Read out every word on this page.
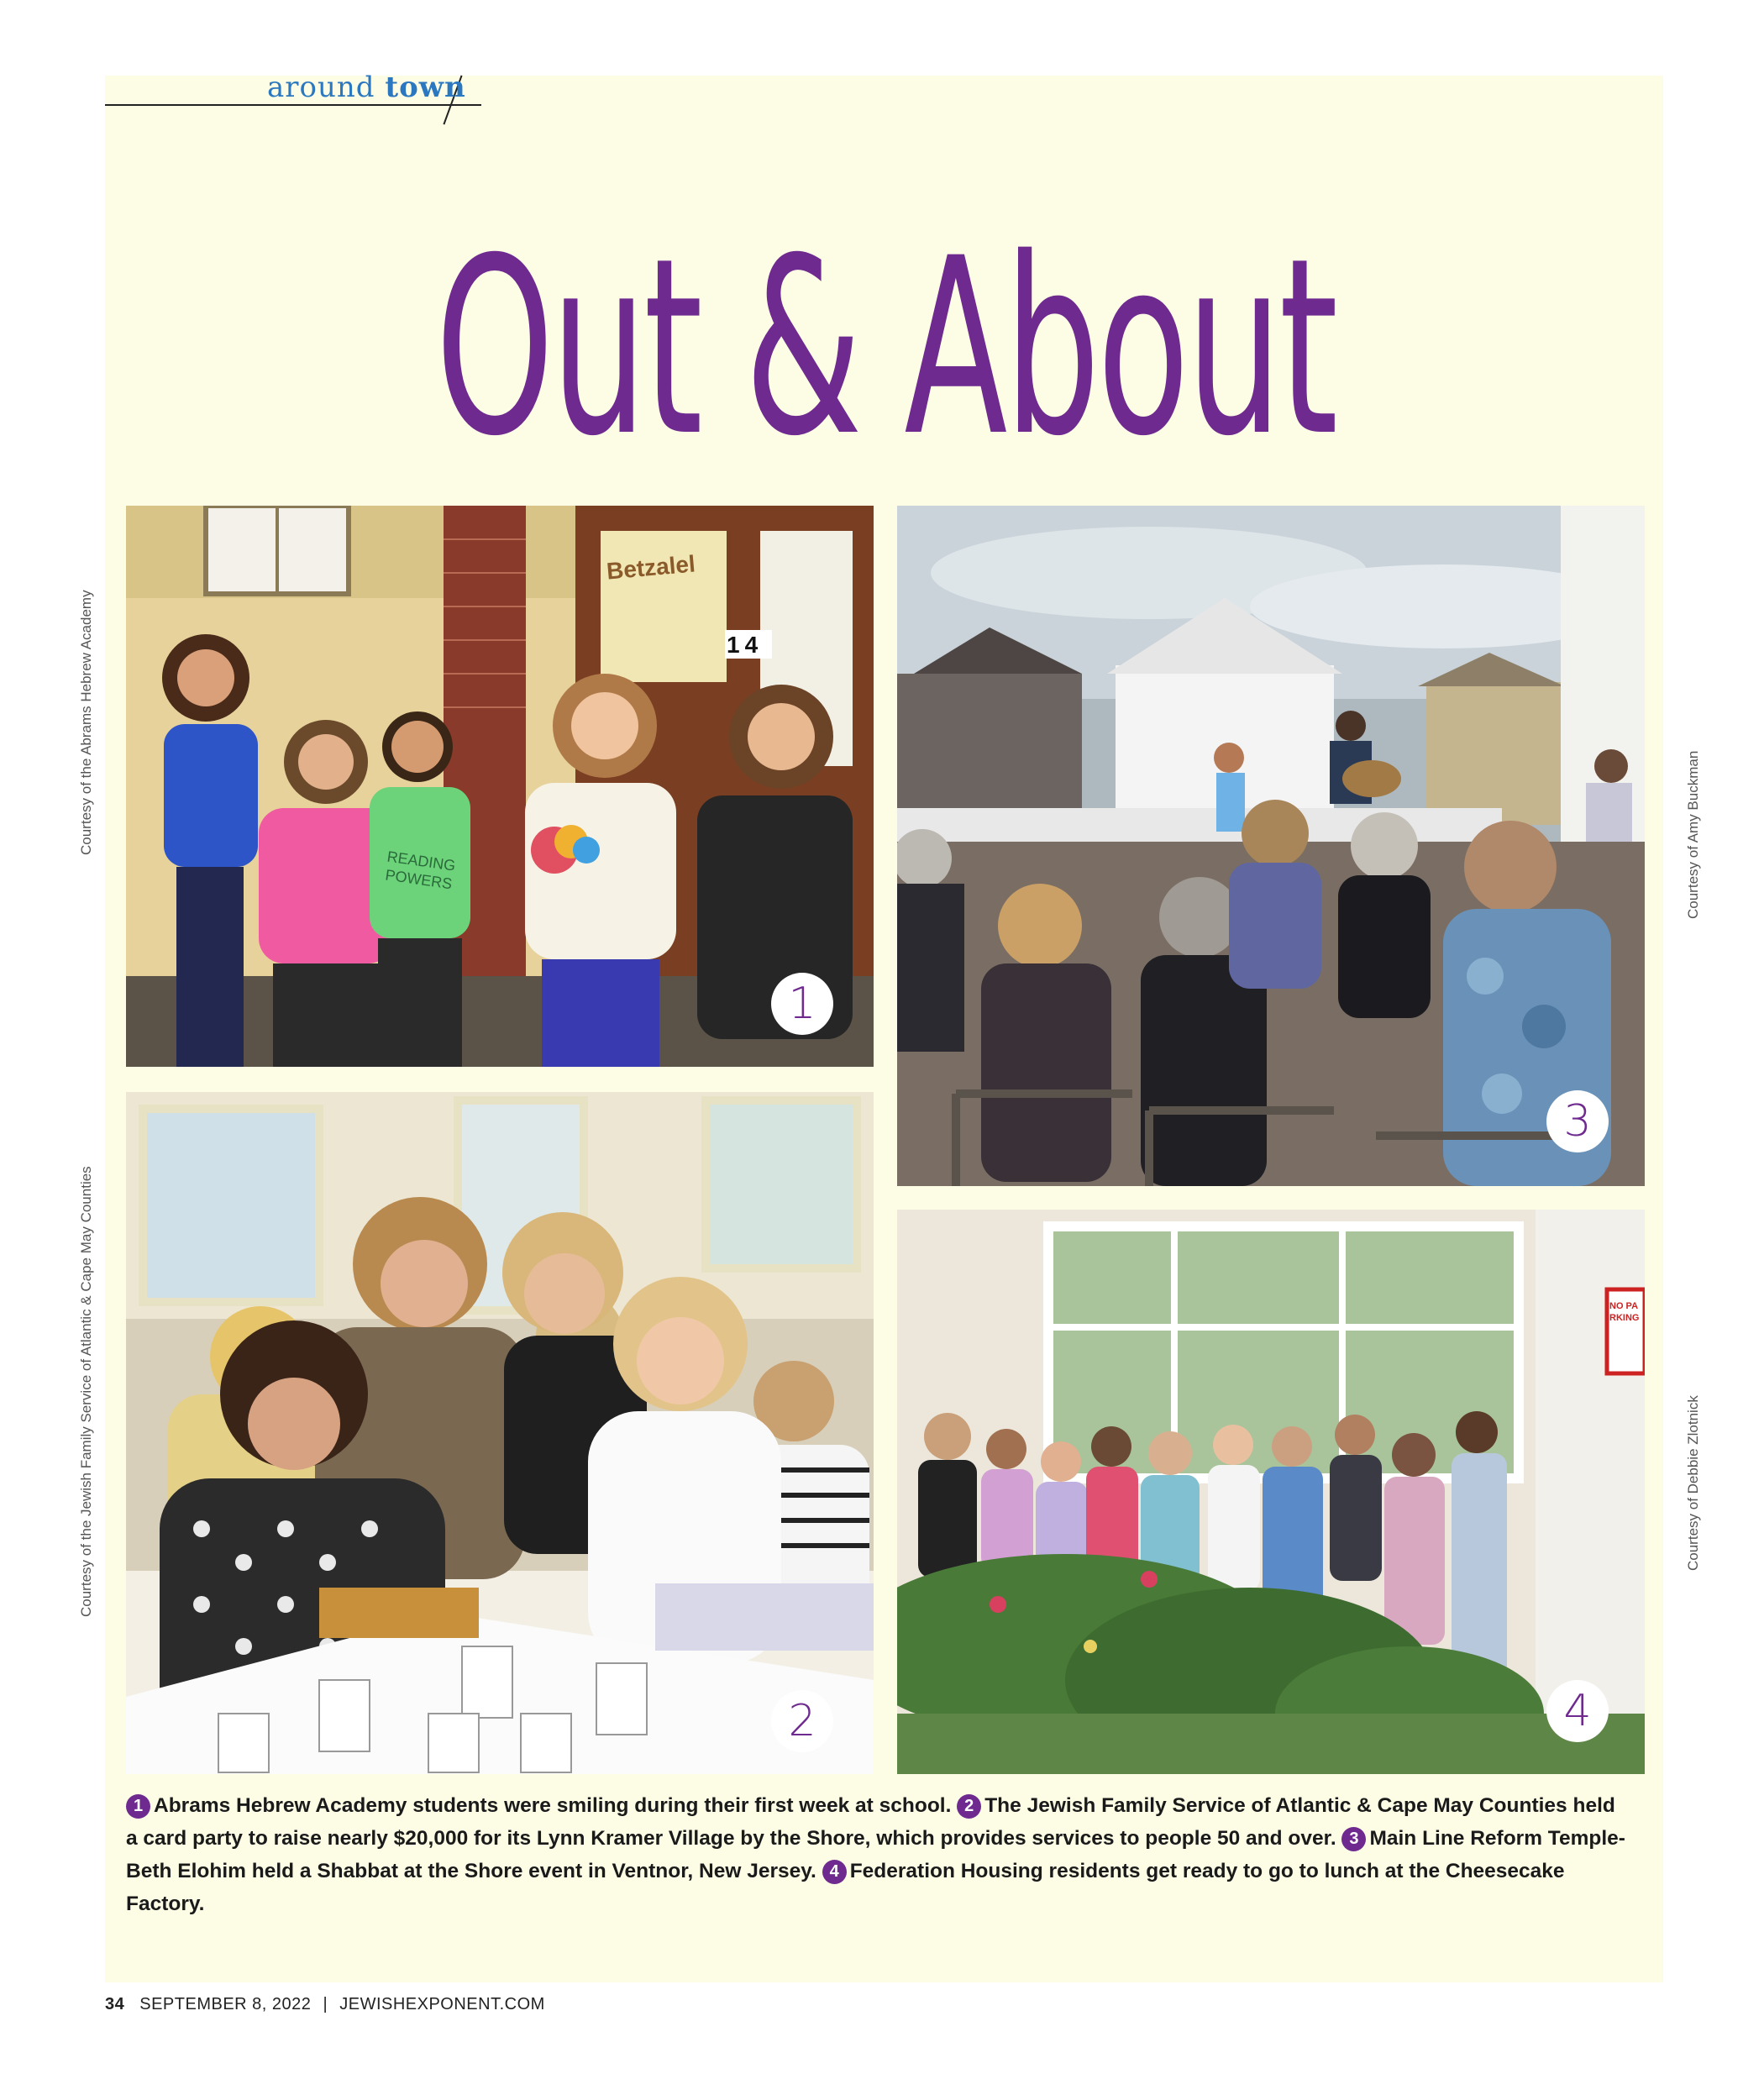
around town
Out & About
Betzalel
14
READING POWERS
1
2
3
NO PARKING
4
Courtesy of the Abrams Hebrew Academy
Courtesy of the Jewish Family Service of Atlantic & Cape May Counties
Courtesy of Amy Buckman
Courtesy of Debbie Zlotnick
1 Abrams Hebrew Academy students were smiling during their first week at school. 2 The Jewish Family Service of Atlantic & Cape May Counties held a card party to raise nearly $20,000 for its Lynn Kramer Village by the Shore, which provides services to people 50 and over. 3 Main Line Reform Temple-Beth Elohim held a Shabbat at the Shore event in Ventnor, New Jersey. 4 Federation Housing residents get ready to go to lunch at the Cheesecake Factory.
34 SEPTEMBER 8, 2022 | JEWISHEXPONENT.COM
